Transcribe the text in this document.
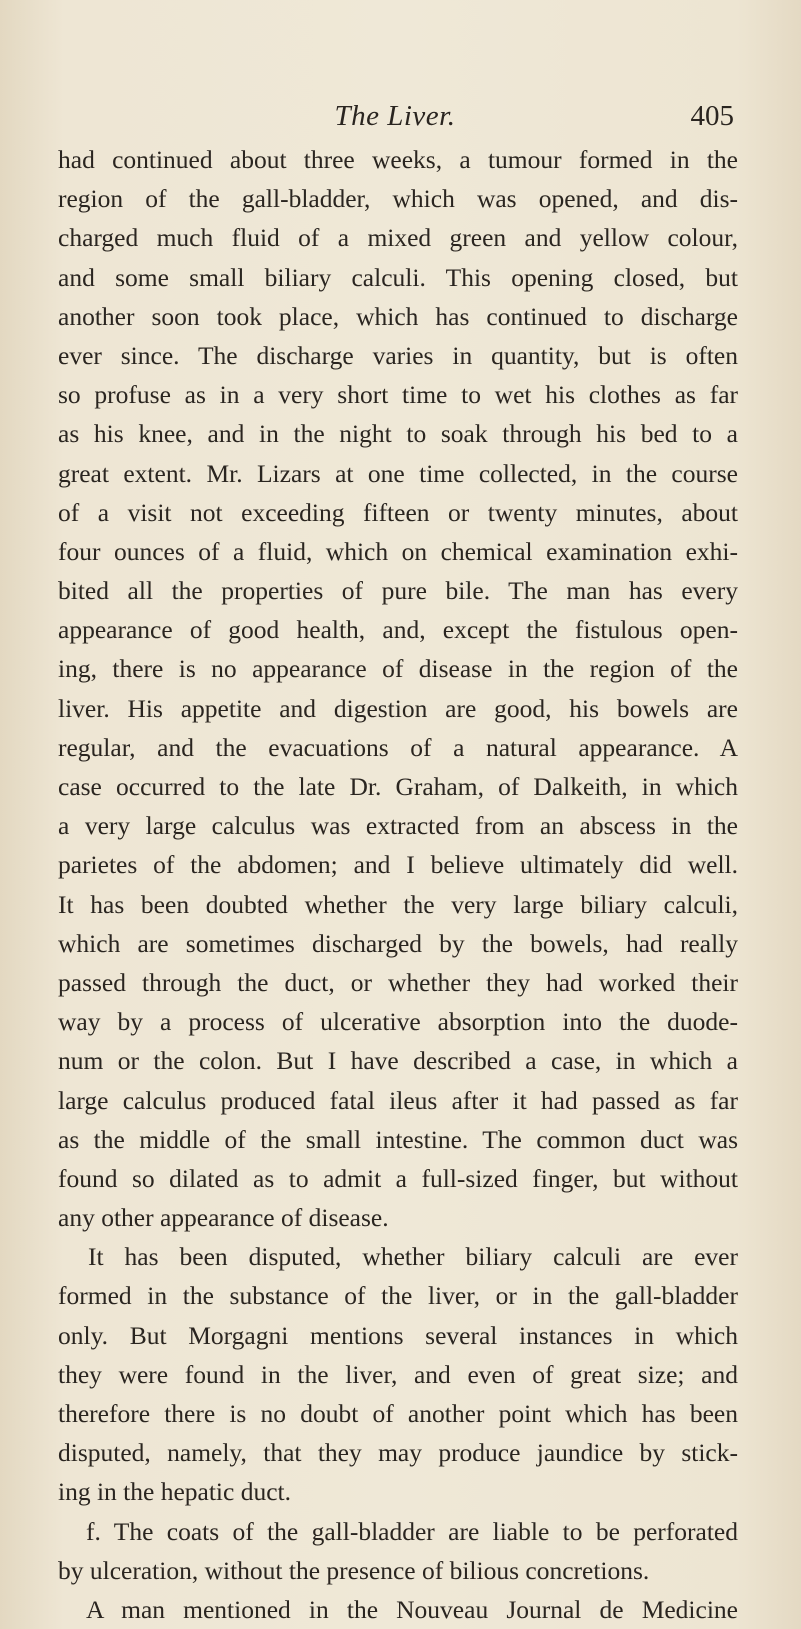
The Liver.	405
had continued about three weeks, a tumour formed in the
region of the gall-bladder, which was opened, and dis-
charged much fluid of a mixed green and yellow colour,
and some small biliary calculi. This opening closed, but
another soon took place, which has continued to discharge
ever since. The discharge varies in quantity, but is often
so profuse as in a very short time to wet his clothes as far
as his knee, and in the night to soak through his bed to a
great extent. Mr. Lizars at one time collected, in the course
of a visit not exceeding fifteen or twenty minutes, about
four ounces of a fluid, which on chemical examination exhi-
bited all the properties of pure bile. The man has every
appearance of good health, and, except the fistulous open-
ing, there is no appearance of disease in the region of the
liver. His appetite and digestion are good, his bowels are
regular, and the evacuations of a natural appearance. A
case occurred to the late Dr. Graham, of Dalkeith, in which
a very large calculus was extracted from an abscess in the
parietes of the abdomen; and I believe ultimately did well.
It has been doubted whether the very large biliary calculi,
which are sometimes discharged by the bowels, had really
passed through the duct, or whether they had worked their
way by a process of ulcerative absorption into the duode-
num or the colon. But I have described a case, in which a
large calculus produced fatal ileus after it had passed as far
as the middle of the small intestine. The common duct was
found so dilated as to admit a full-sized finger, but without
any other appearance of disease.
It has been disputed, whether biliary calculi are ever
formed in the substance of the liver, or in the gall-bladder
only. But Morgagni mentions several instances in which
they were found in the liver, and even of great size; and
therefore there is no doubt of another point which has been
disputed, namely, that they may produce jaundice by stick-
ing in the hepatic duct.
f. The coats of the gall-bladder are liable to be perforated
by ulceration, without the presence of bilious concretions.
A man mentioned in the Nouveau Journal de Medicine
